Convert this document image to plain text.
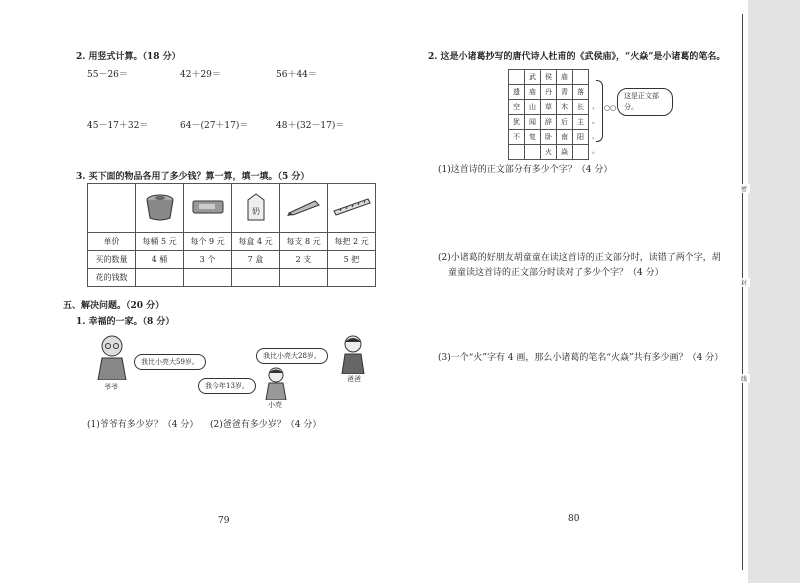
2. 用竖式计算。（18 分）
55－26＝	42＋29＝	56＋44＝
45－17＋32＝	64－(27＋17)＝	48＋(32－17)＝
3. 买下面的物品各用了多少钱？算一算，填一填。（5 分）

奶

单价	每桶 5 元	每个 9 元	每盒 4 元	每支 8 元	每把 2 元
买的数量	4 桶	3 个	7 盒	2 支	5 把
花的钱数					
五、解决问题。（20 分）
1. 幸福的一家。（8 分）
我比小亮大59岁。
爷爷
我比小亮大28岁。
爸爸
我今年13岁。
小亮
(1)爷爷有多少岁？（4 分） (2)爸爸有多少岁？（4 分）
79
2. 这是小诸葛抄写的唐代诗人杜甫的《武侯庙》，“火焱”是小诸葛的笔名。
	武	侯	庙	
遗	庙	丹	青	落
空	山	草	木	长
犹	闻	辞	后	主
不	复	卧	南	阳
		火	焱	
，
。
，
。
○○
这是正文部分。
(1)这首诗的正文部分有多少个字？（4 分）
(2)小诸葛的好朋友胡童童在读这首诗的正文部分时，读错了两个字，胡
童童读这首诗的正文部分时读对了多少个字？（4 分）
(3)一个“火”字有 4 画，那么小诸葛的笔名“火焱”共有多少画？（4 分）
80
密
封
线
